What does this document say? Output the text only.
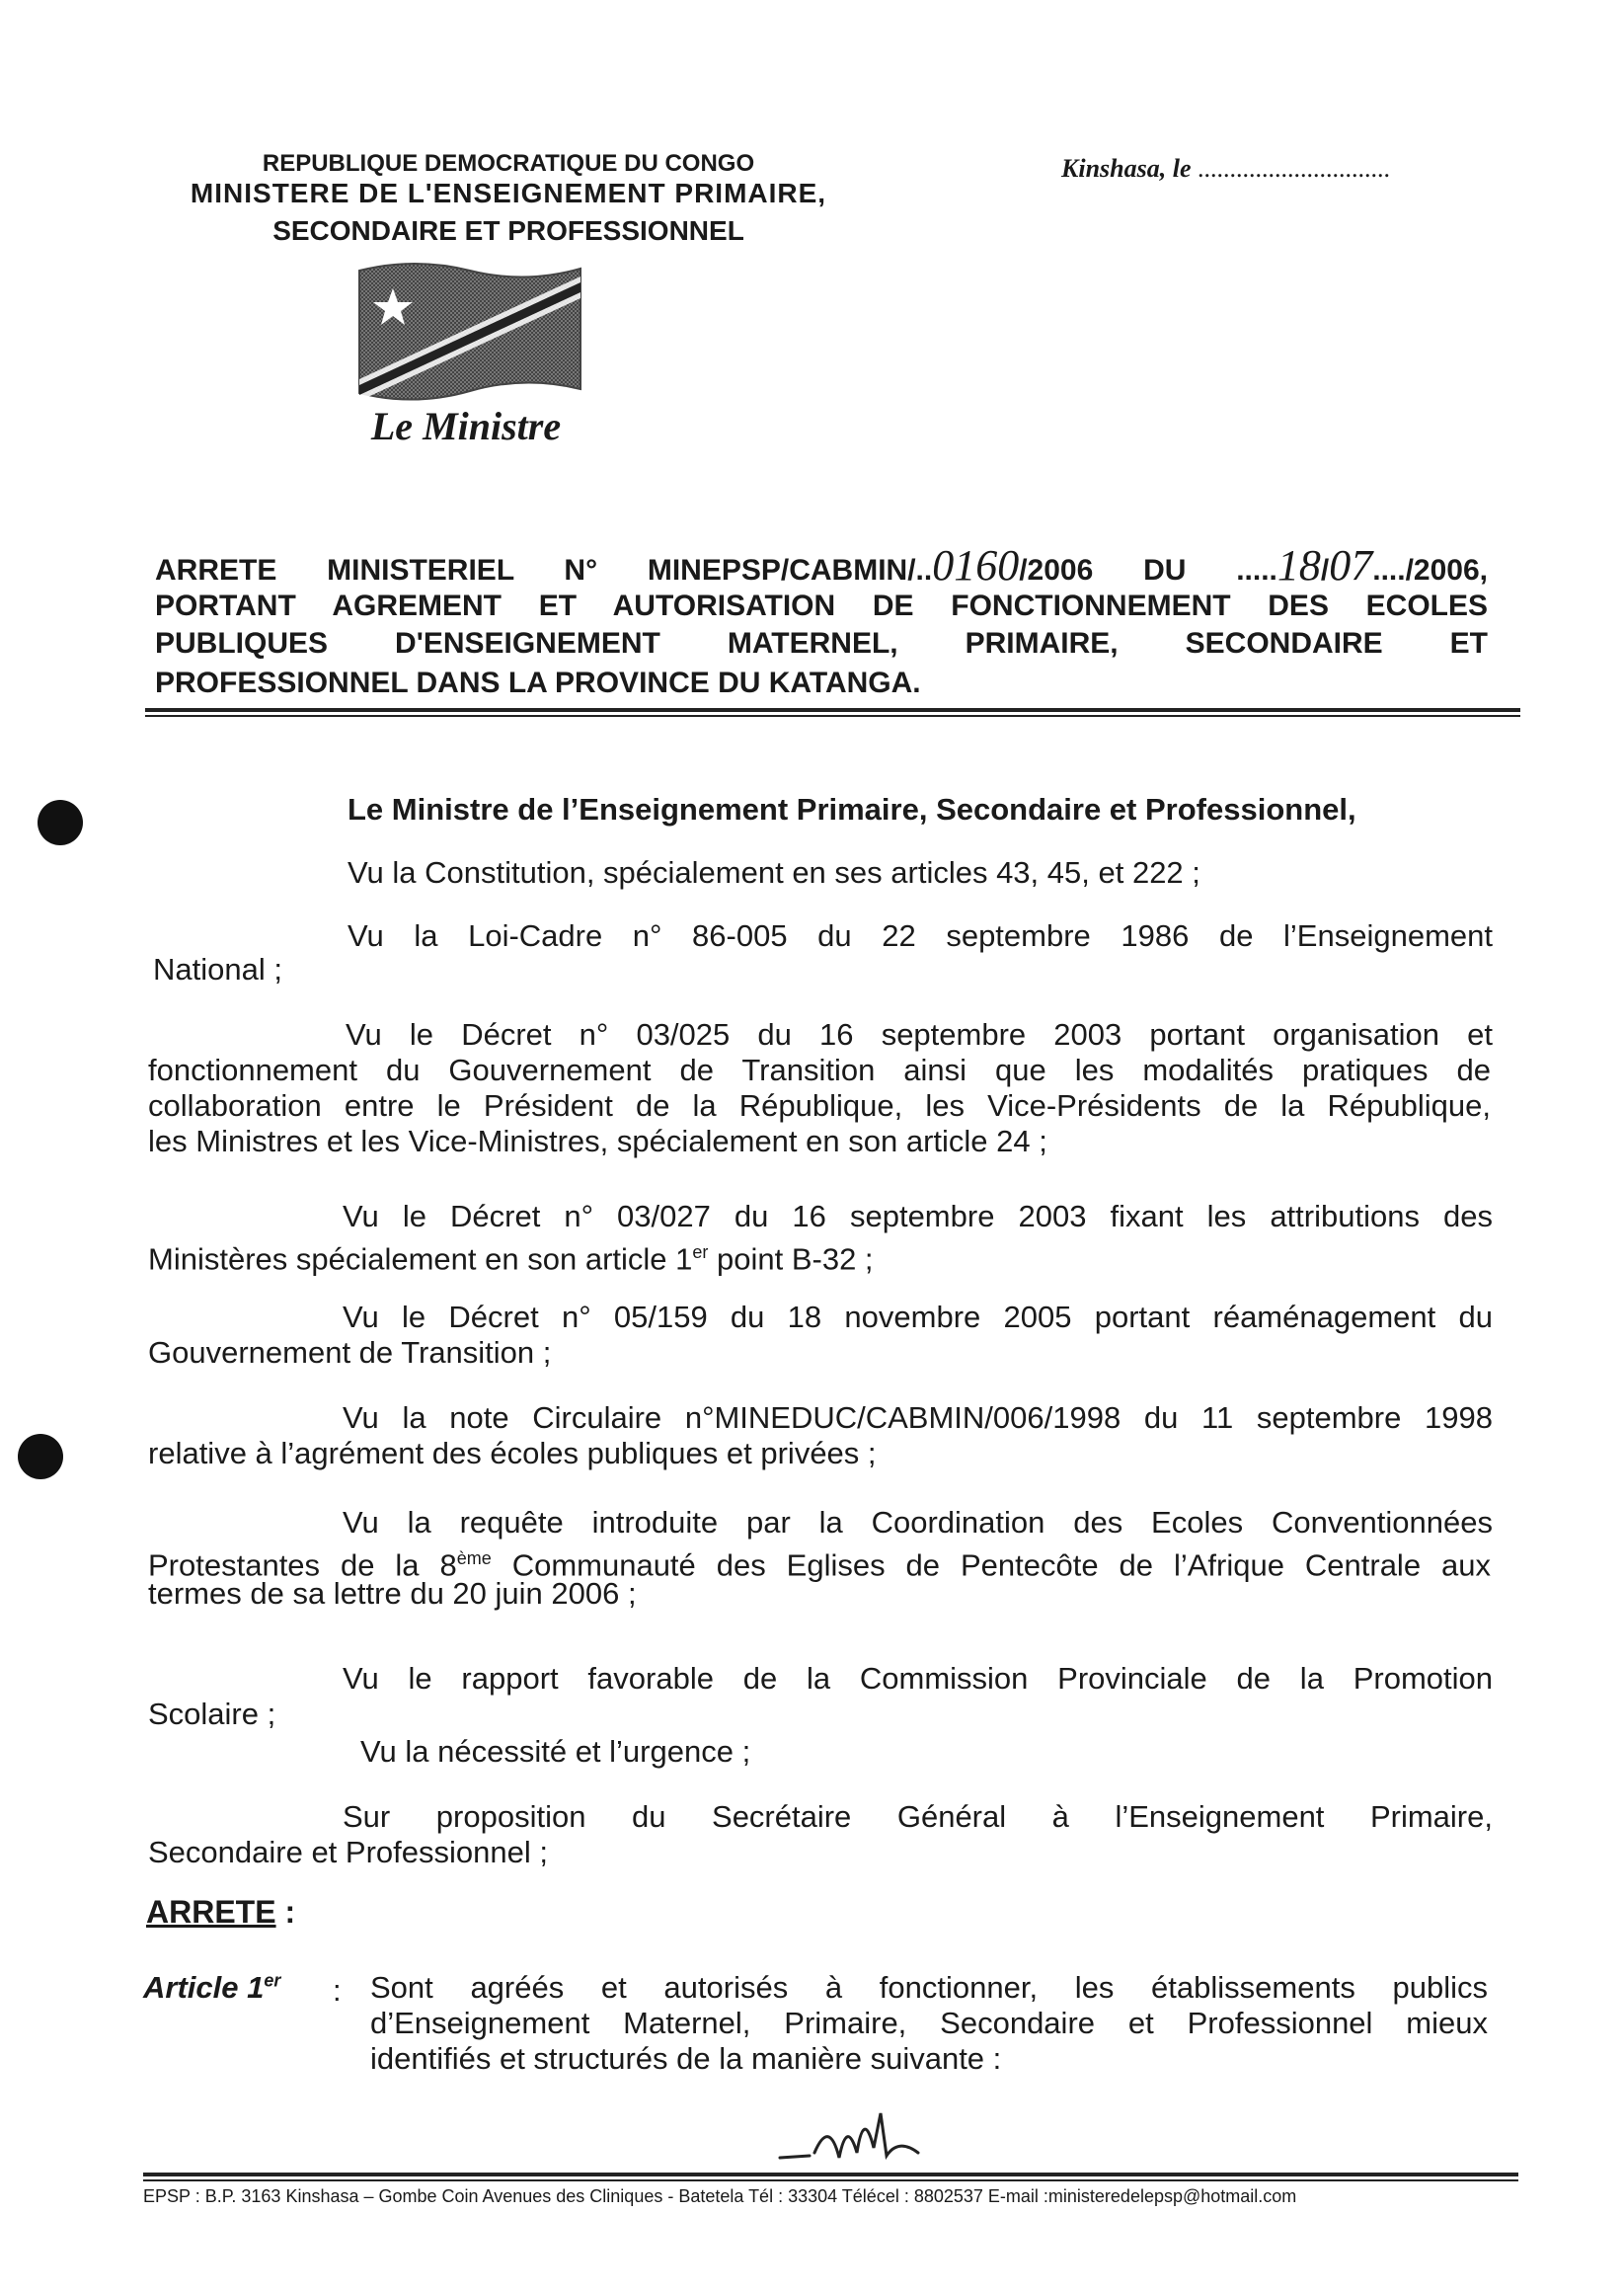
REPUBLIQUE DEMOCRATIQUE DU CONGO
MINISTERE DE L'ENSEIGNEMENT PRIMAIRE,
SECONDAIRE ET PROFESSIONNEL
Kinshasa, le ..............................
Le Ministre
ARRETE MINISTERIEL N° MINEPSP/CABMIN/..0160/2006 DU .....18/07..../2006,
PORTANT AGREMENT ET AUTORISATION DE FONCTIONNEMENT DES ECOLES
PUBLIQUES D'ENSEIGNEMENT MATERNEL, PRIMAIRE, SECONDAIRE ET
PROFESSIONNEL DANS LA PROVINCE DU KATANGA.
Le Ministre de l’Enseignement Primaire, Secondaire et Professionnel,
Vu la Constitution, spécialement en ses articles 43, 45, et 222 ;
Vu la Loi-Cadre n° 86-005 du 22 septembre 1986 de l’Enseignement
National ;
Vu le Décret n° 03/025 du 16 septembre 2003 portant organisation et
fonctionnement du Gouvernement de Transition ainsi que les modalités pratiques de
collaboration entre le Président de la République, les Vice-Présidents de la République,
les Ministres et les Vice-Ministres, spécialement en son article 24 ;
Vu le Décret n° 03/027 du 16 septembre 2003 fixant les attributions des
Ministères spécialement en son article 1er point B-32 ;
Vu le Décret n° 05/159 du 18 novembre 2005 portant réaménagement du
Gouvernement de Transition ;
Vu la note Circulaire n°MINEDUC/CABMIN/006/1998 du 11 septembre 1998
relative à l’agrément des écoles publiques et privées ;
Vu la requête introduite par la Coordination des Ecoles Conventionnées
Protestantes de la 8ème Communauté des Eglises de Pentecôte de l’Afrique Centrale aux
termes de sa lettre du 20 juin 2006 ;
Vu le rapport favorable de la Commission Provinciale de la Promotion
Scolaire ;
Vu la nécessité et l’urgence ;
Sur proposition du Secrétaire Général à l’Enseignement Primaire,
Secondaire et Professionnel ;
ARRETE :
Article 1er : Sont agréés et autorisés à fonctionner, les établissements publics
d’Enseignement Maternel, Primaire, Secondaire et Professionnel mieux
identifiés et structurés de la manière suivante :
EPSP : B.P. 3163 Kinshasa – Gombe Coin Avenues des Cliniques - Batetela Tél : 33304 Télécel : 8802537 E-mail :ministeredelepsp@hotmail.com
